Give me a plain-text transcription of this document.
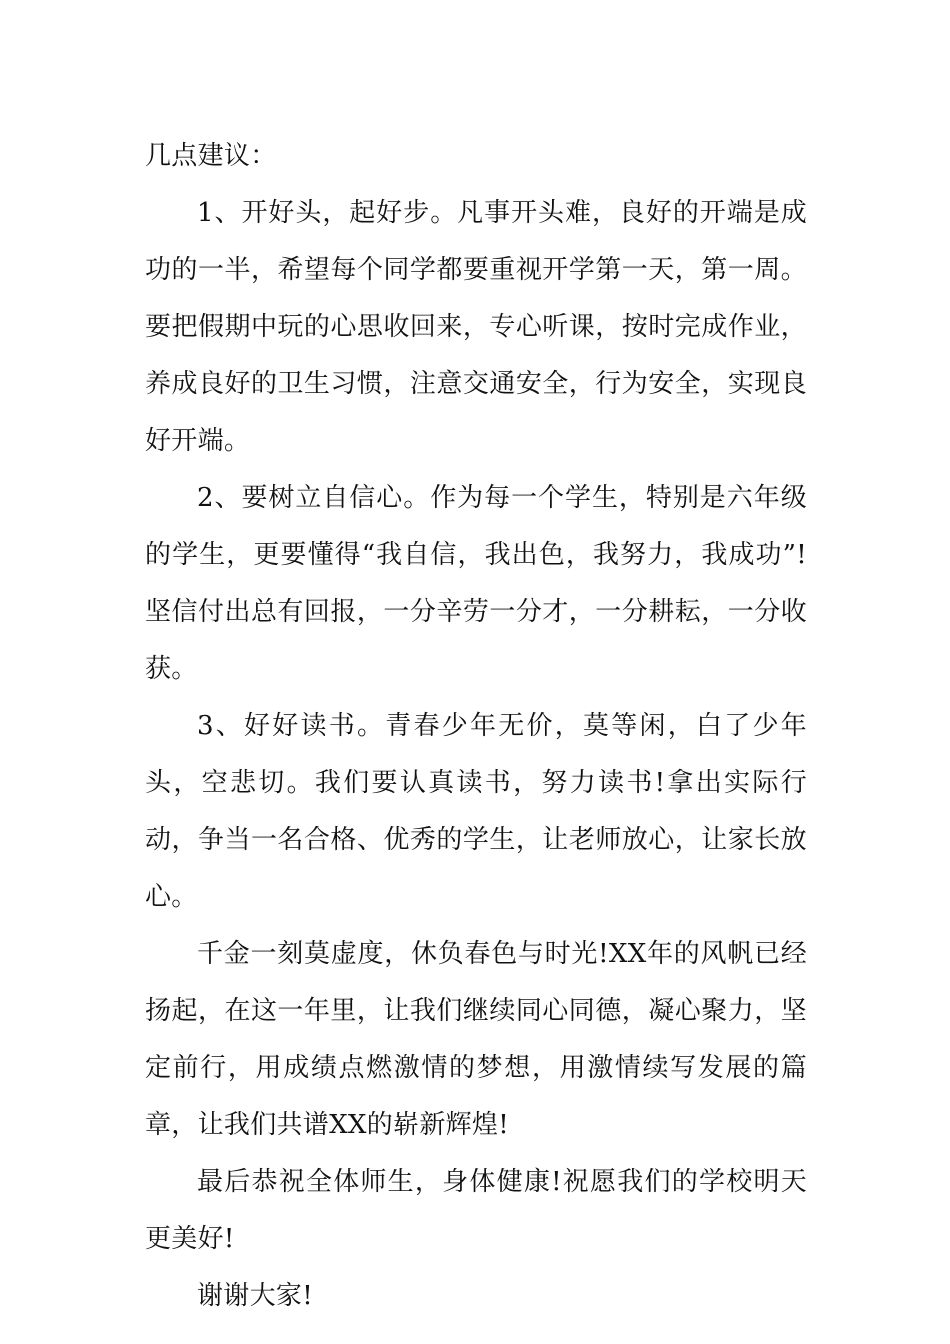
几点建议：

1、开好头，起好步。凡事开头难，良好的开端是成功的一半，希望每个同学都要重视开学第一天，第一周。要把假期中玩的心思收回来，专心听课，按时完成作业，养成良好的卫生习惯，注意交通安全，行为安全，实现良好开端。

2、要树立自信心。作为每一个学生，特别是六年级的学生，更要懂得“我自信，我出色，我努力，我成功”!坚信付出总有回报，一分辛劳一分才，一分耕耘，一分收获。

3、好好读书。青春少年无价，莫等闲，白了少年头，空悲切。我们要认真读书，努力读书!拿出实际行动，争当一名合格、优秀的学生，让老师放心，让家长放心。

千金一刻莫虚度，休负春色与时光!XX年的风帆已经扬起，在这一年里，让我们继续同心同德，凝心聚力，坚定前行，用成绩点燃激情的梦想，用激情续写发展的篇章，让我们共谱XX的崭新辉煌!

最后恭祝全体师生，身体健康!祝愿我们的学校明天更美好!

谢谢大家!
